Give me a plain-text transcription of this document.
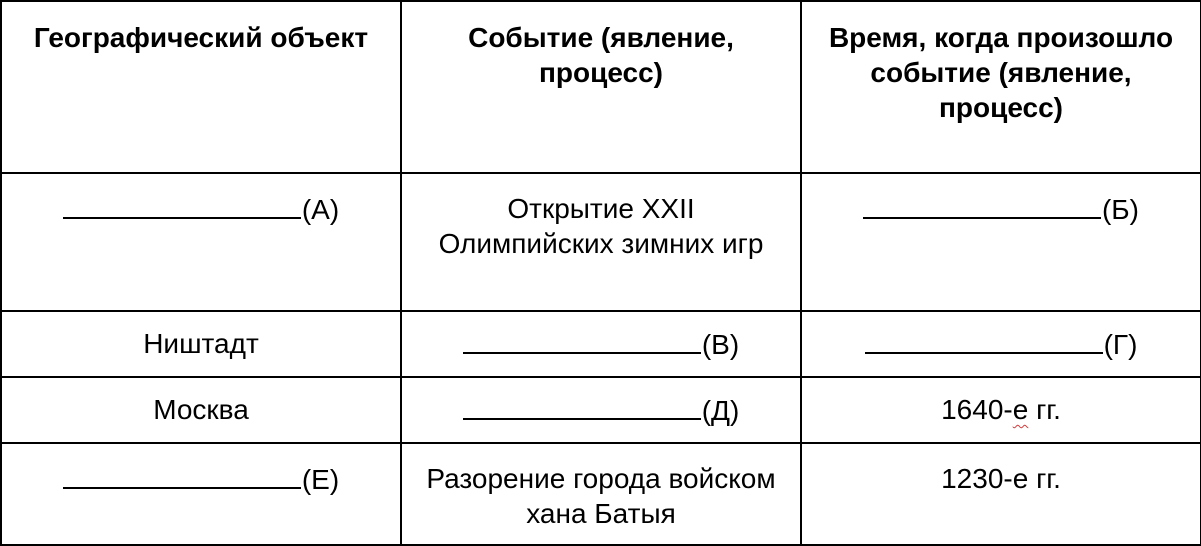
Географический объект	Событие (явление, процесс)	Время, когда произошло событие (явление, процесс)
(А)	Открытие XXII Олимпийских зимних игр	(Б)
Ништадт	(В)	(Г)
Москва	(Д)	1640-е гг.
(Е)	Разорение города войском хана Батыя	1230-е гг.
